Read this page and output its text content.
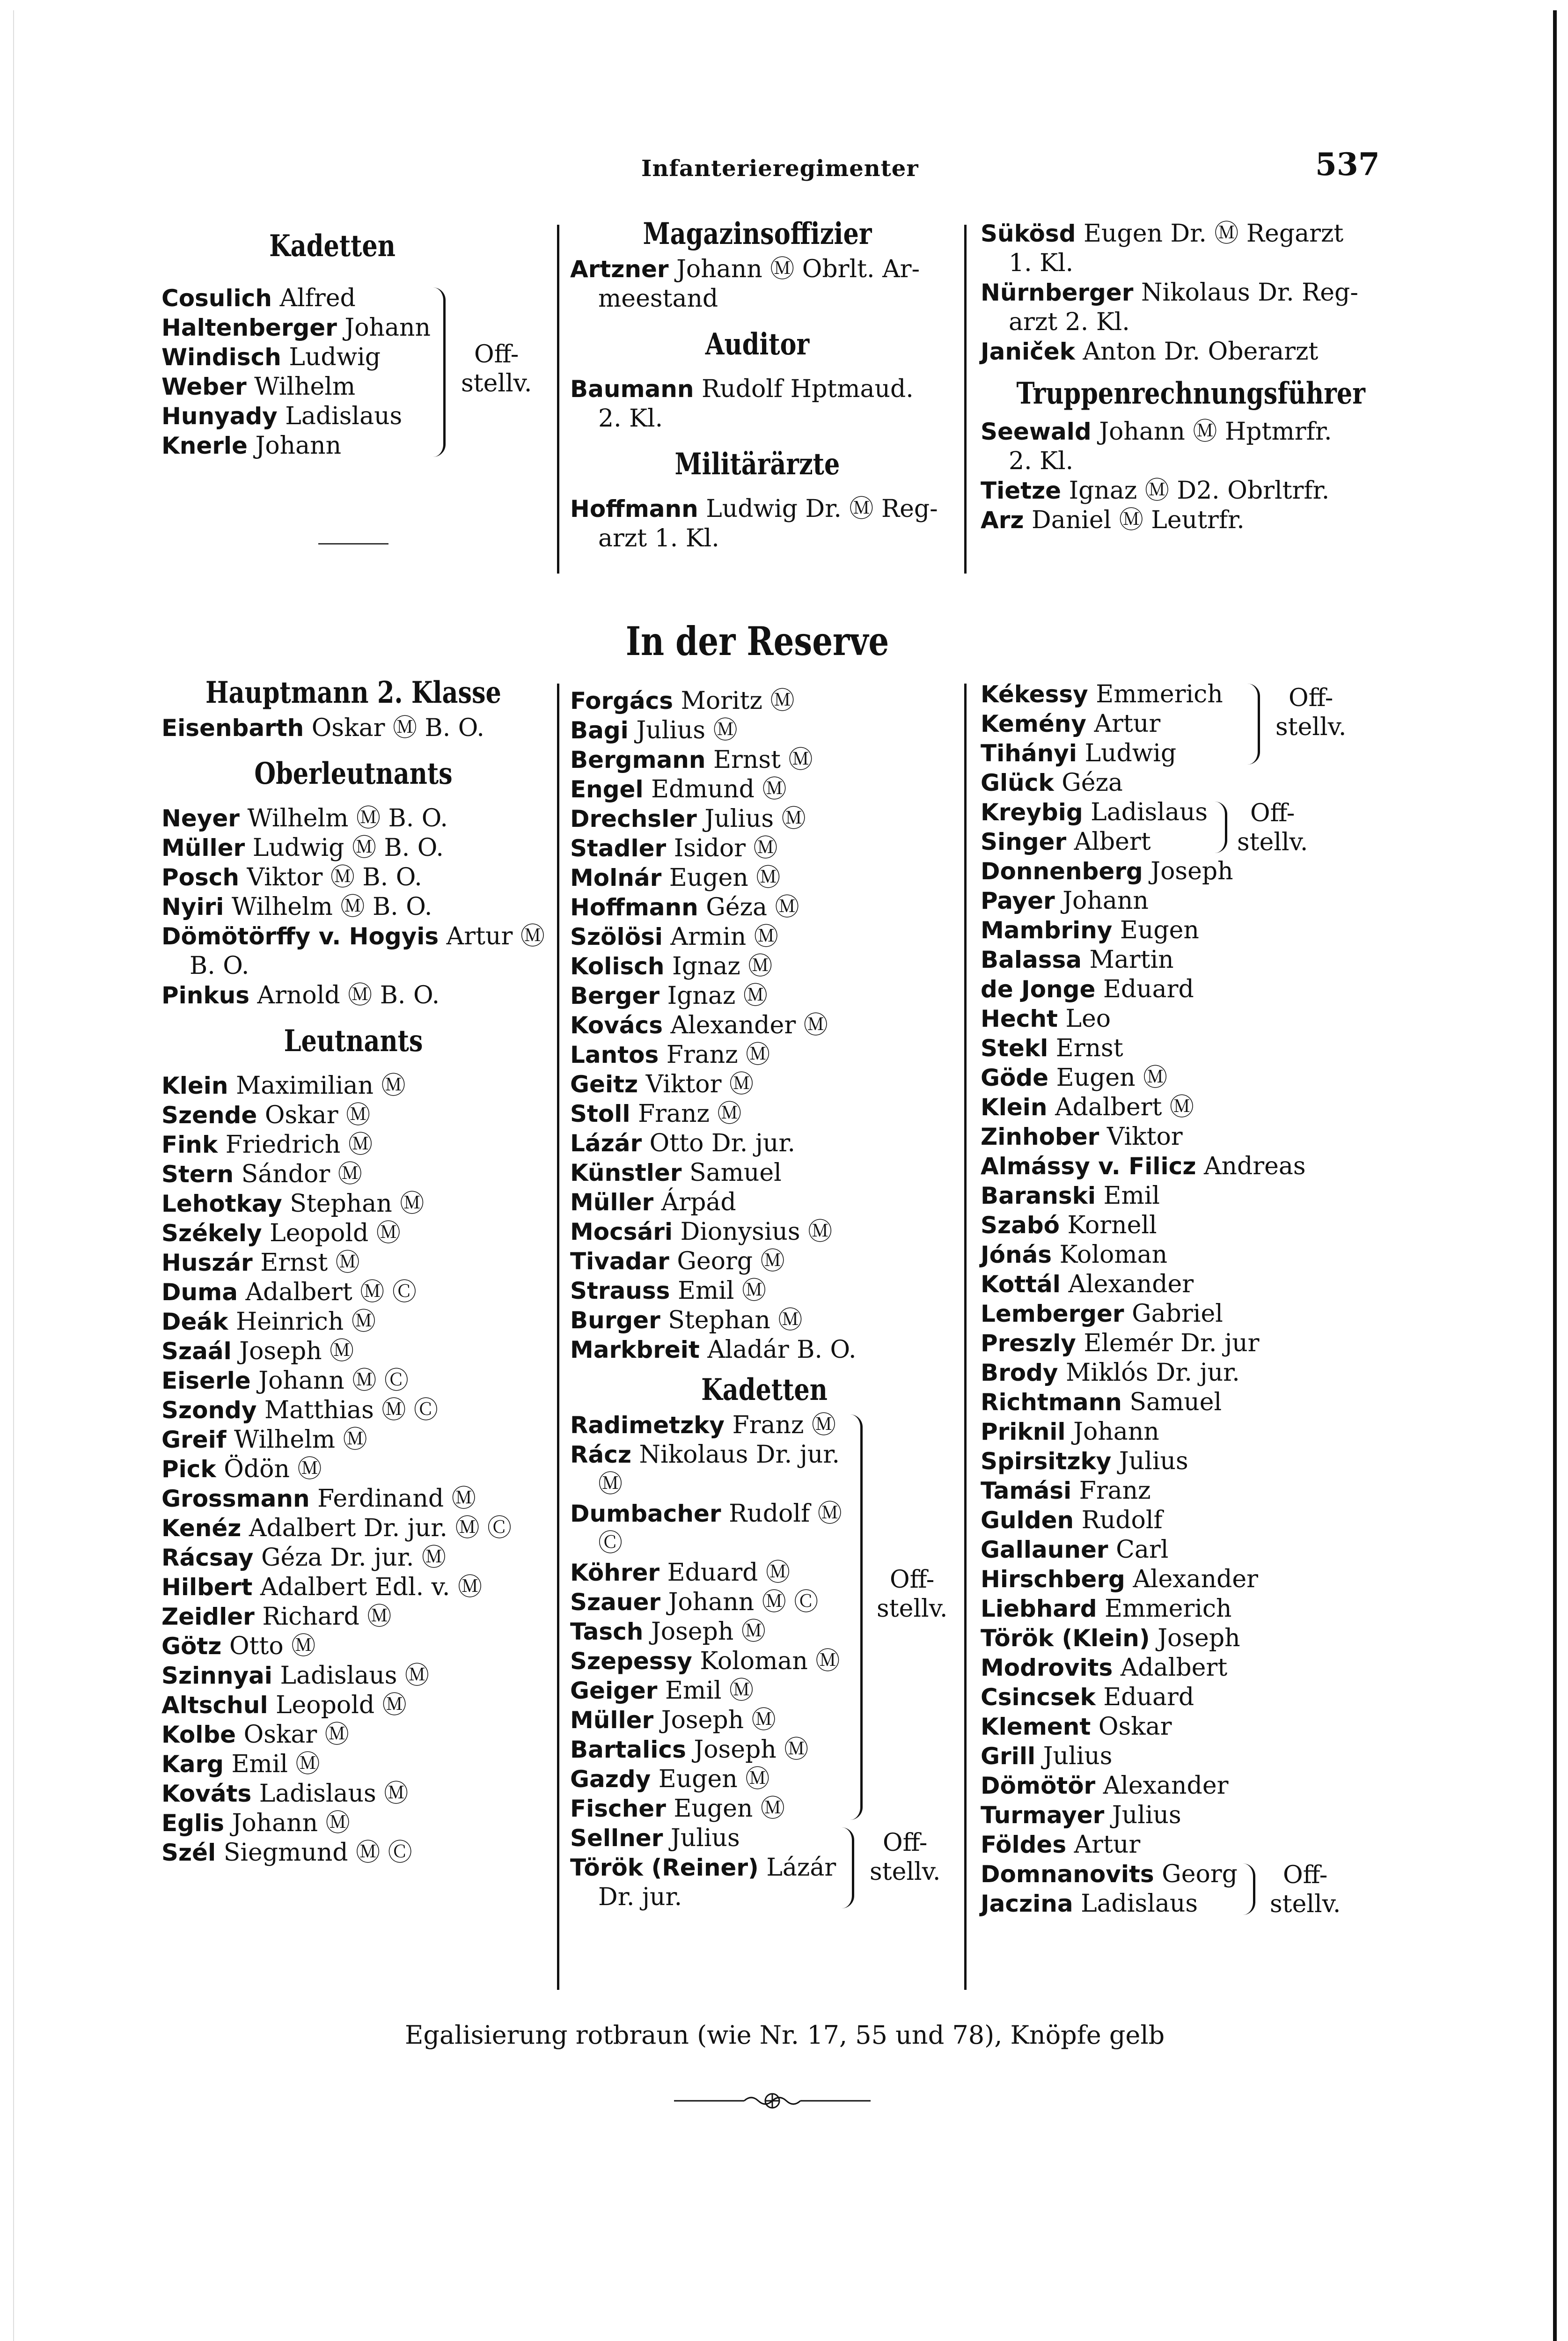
Infanterieregimenter	537
Kadetten
Cosulich Alfred
Haltenberger Johann
Windisch Ludwig
Weber Wilhelm
Hunyady Ladislaus
Knerle Johann
Off-
stellv.
Magazinsoffizier
Artzner Johann Ⓜ Obrlt. Ar-
meestand
Auditor
Baumann Rudolf Hptmaud.
2. Kl.
Militärärzte
Hoffmann Ludwig Dr. Ⓜ Reg-
arzt 1. Kl.
Sükösd Eugen Dr. Ⓜ Regarzt
1. Kl.
Nürnberger Nikolaus Dr. Reg-
arzt 2. Kl.
Janiček Anton Dr. Oberarzt
Truppenrechnungsführer
Seewald Johann Ⓜ Hptmrfr.
2. Kl.
Tietze Ignaz Ⓜ D2. Obrltrfr.
Arz Daniel Ⓜ Leutrfr.
In der Reserve
Hauptmann 2. Klasse
Eisenbarth Oskar Ⓜ B. O.
Oberleutnants
Neyer Wilhelm Ⓜ B. O.
Müller Ludwig Ⓜ B. O.
Posch Viktor Ⓜ B. O.
Nyiri Wilhelm Ⓜ B. O.
Dömötörffy v. Hogyis Artur Ⓜ
B. O.
Pinkus Arnold Ⓜ B. O.
Leutnants
Klein Maximilian Ⓜ
Szende Oskar Ⓜ
Fink Friedrich Ⓜ
Stern Sándor Ⓜ
Lehotkay Stephan Ⓜ
Székely Leopold Ⓜ
Huszár Ernst Ⓜ
Duma Adalbert Ⓜ Ⓒ
Deák Heinrich Ⓜ
Szaál Joseph Ⓜ
Eiserle Johann Ⓜ Ⓒ
Szondy Matthias Ⓜ Ⓒ
Greif Wilhelm Ⓜ
Pick Ödön Ⓜ
Grossmann Ferdinand Ⓜ
Kenéz Adalbert Dr. jur. Ⓜ Ⓒ
Rácsay Géza Dr. jur. Ⓜ
Hilbert Adalbert Edl. v. Ⓜ
Zeidler Richard Ⓜ
Götz Otto Ⓜ
Szinnyai Ladislaus Ⓜ
Altschul Leopold Ⓜ
Kolbe Oskar Ⓜ
Karg Emil Ⓜ
Kováts Ladislaus Ⓜ
Eglis Johann Ⓜ
Szél Siegmund Ⓜ Ⓒ
Forgács Moritz Ⓜ
Bagi Julius Ⓜ
Bergmann Ernst Ⓜ
Engel Edmund Ⓜ
Drechsler Julius Ⓜ
Stadler Isidor Ⓜ
Molnár Eugen Ⓜ
Hoffmann Géza Ⓜ
Szölösi Armin Ⓜ
Kolisch Ignaz Ⓜ
Berger Ignaz Ⓜ
Kovács Alexander Ⓜ
Lantos Franz Ⓜ
Geitz Viktor Ⓜ
Stoll Franz Ⓜ
Lázár Otto Dr. jur.
Künstler Samuel
Müller Árpád
Mocsári Dionysius Ⓜ
Tivadar Georg Ⓜ
Strauss Emil Ⓜ
Burger Stephan Ⓜ
Markbreit Aladár B. O.
Kadetten
Radimetzky Franz Ⓜ
Rácz Nikolaus Dr. jur.
Ⓜ
Dumbacher Rudolf Ⓜ
Ⓒ
Köhrer Eduard Ⓜ
Szauer Johann Ⓜ Ⓒ
Tasch Joseph Ⓜ
Szepessy Koloman Ⓜ
Geiger Emil Ⓜ
Müller Joseph Ⓜ
Bartalics Joseph Ⓜ
Gazdy Eugen Ⓜ
Fischer Eugen Ⓜ
Off-
stellv.
Sellner Julius
Török (Reiner) Lázár
Dr. jur.
Off-
stellv.
Kékessy Emmerich
Kemény Artur
Tihányi Ludwig
Off-
stellv.
Glück Géza
Kreybig Ladislaus
Singer Albert
Off-
stellv.
Donnenberg Joseph
Payer Johann
Mambriny Eugen
Balassa Martin
de Jonge Eduard
Hecht Leo
Stekl Ernst
Göde Eugen Ⓜ
Klein Adalbert Ⓜ
Zinhober Viktor
Almássy v. Filicz Andreas
Baranski Emil
Szabó Kornell
Jónás Koloman
Kottál Alexander
Lemberger Gabriel
Preszly Elemér Dr. jur
Brody Miklós Dr. jur.
Richtmann Samuel
Priknil Johann
Spirsitzky Julius
Tamási Franz
Gulden Rudolf
Gallauner Carl
Hirschberg Alexander
Liebhard Emmerich
Török (Klein) Joseph
Modrovits Adalbert
Csincsek Eduard
Klement Oskar
Grill Julius
Dömötör Alexander
Turmayer Julius
Földes Artur
Domnanovits Georg
Jaczina Ladislaus
Off-
stellv.
Egalisierung rotbraun (wie Nr. 17, 55 und 78), Knöpfe gelb
